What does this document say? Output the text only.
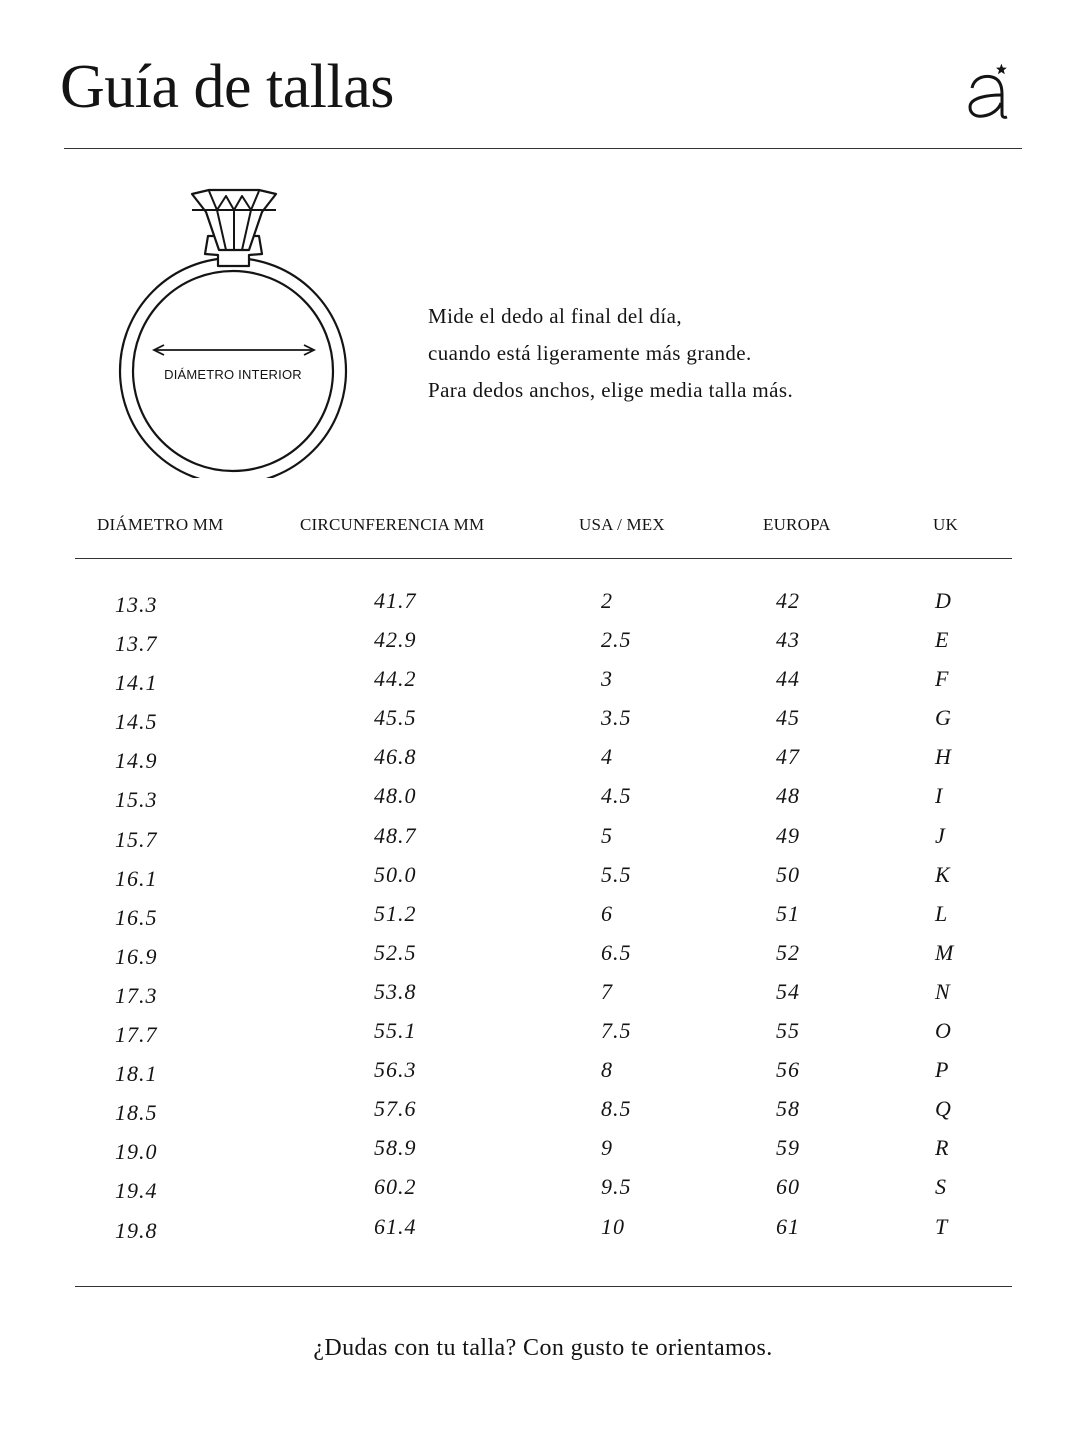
Guía de tallas
DIÁMETRO INTERIOR
Mide el dedo al final del día,
cuando está ligeramente más grande.
Para dedos anchos, elige media talla más.
DIÁMETRO MM	CIRCUNFERENCIA MM	USA / MEX	EUROPA	UK
13.3	41.7	2	42	D
13.7	42.9	2.5	43	E
14.1	44.2	3	44	F
14.5	45.5	3.5	45	G
14.9	46.8	4	47	H
15.3	48.0	4.5	48	I
15.7	48.7	5	49	J
16.1	50.0	5.5	50	K
16.5	51.2	6	51	L
16.9	52.5	6.5	52	M
17.3	53.8	7	54	N
17.7	55.1	7.5	55	O
18.1	56.3	8	56	P
18.5	57.6	8.5	58	Q
19.0	58.9	9	59	R
19.4	60.2	9.5	60	S
19.8	61.4	10	61	T
¿Dudas con tu talla? Con gusto te orientamos.
